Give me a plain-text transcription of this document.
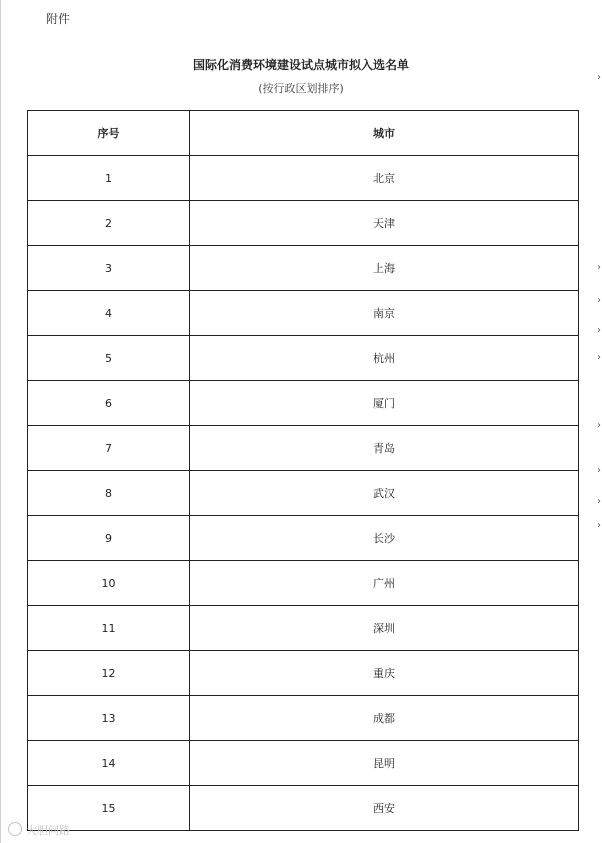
附件
国际化消费环境建设试点城市拟入选名单
(按行政区划排序)
序号	城市
1	北京
2	天津
3	上海
4	南京
5	杭州
6	厦门
7	青岛
8	武汉
9	长沙
10	广州
11	深圳
12	重庆
13	成都
14	昆明
15	西安
›
›
›
›
›
›
›
›
›
大胆问路
